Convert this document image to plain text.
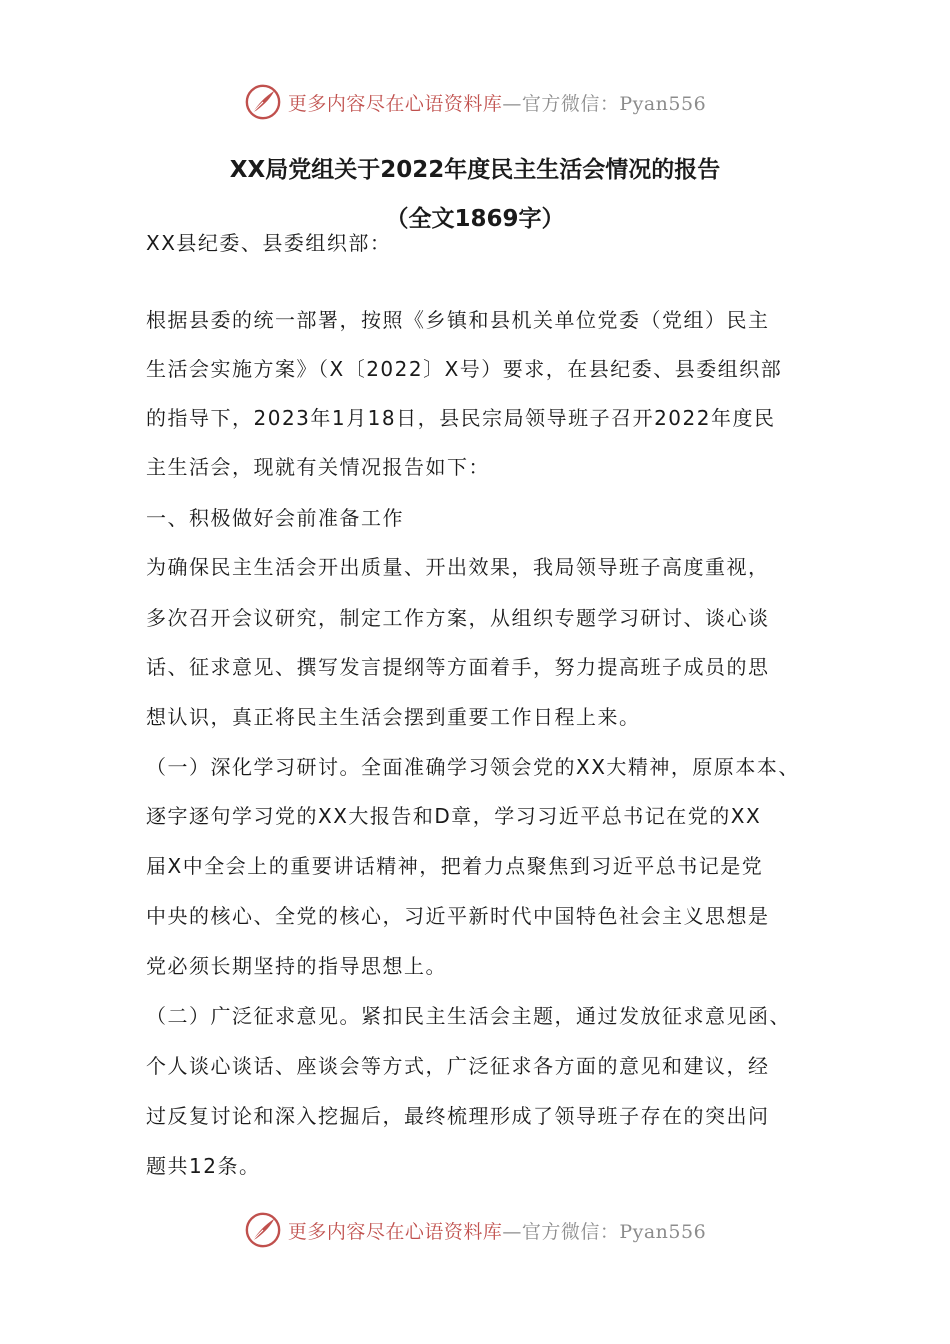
更多内容尽在心语资料库—官方微信：Pyan556
XX局党组关于2022年度民主生活会情况的报告
（全文1869字）
XX县纪委、县委组织部：
根据县委的统一部署，按照《乡镇和县机关单位党委（党组）民主
生活会实施方案》（X〔2022〕X号）要求，在县纪委、县委组织部
的指导下，2023年1月18日，县民宗局领导班子召开2022年度民
主生活会，现就有关情况报告如下：
一、积极做好会前准备工作
为确保民主生活会开出质量、开出效果，我局领导班子高度重视，
多次召开会议研究，制定工作方案，从组织专题学习研讨、谈心谈
话、征求意见、撰写发言提纲等方面着手，努力提高班子成员的思
想认识，真正将民主生活会摆到重要工作日程上来。
（一）深化学习研讨。全面准确学习领会党的XX大精神，原原本本、
逐字逐句学习党的XX大报告和D章，学习习近平总书记在党的XX
届X中全会上的重要讲话精神，把着力点聚焦到习近平总书记是党
中央的核心、全党的核心，习近平新时代中国特色社会主义思想是
党必须长期坚持的指导思想上。
（二）广泛征求意见。紧扣民主生活会主题，通过发放征求意见函、
个人谈心谈话、座谈会等方式，广泛征求各方面的意见和建议，经
过反复讨论和深入挖掘后，最终梳理形成了领导班子存在的突出问
题共12条。
更多内容尽在心语资料库—官方微信：Pyan556
